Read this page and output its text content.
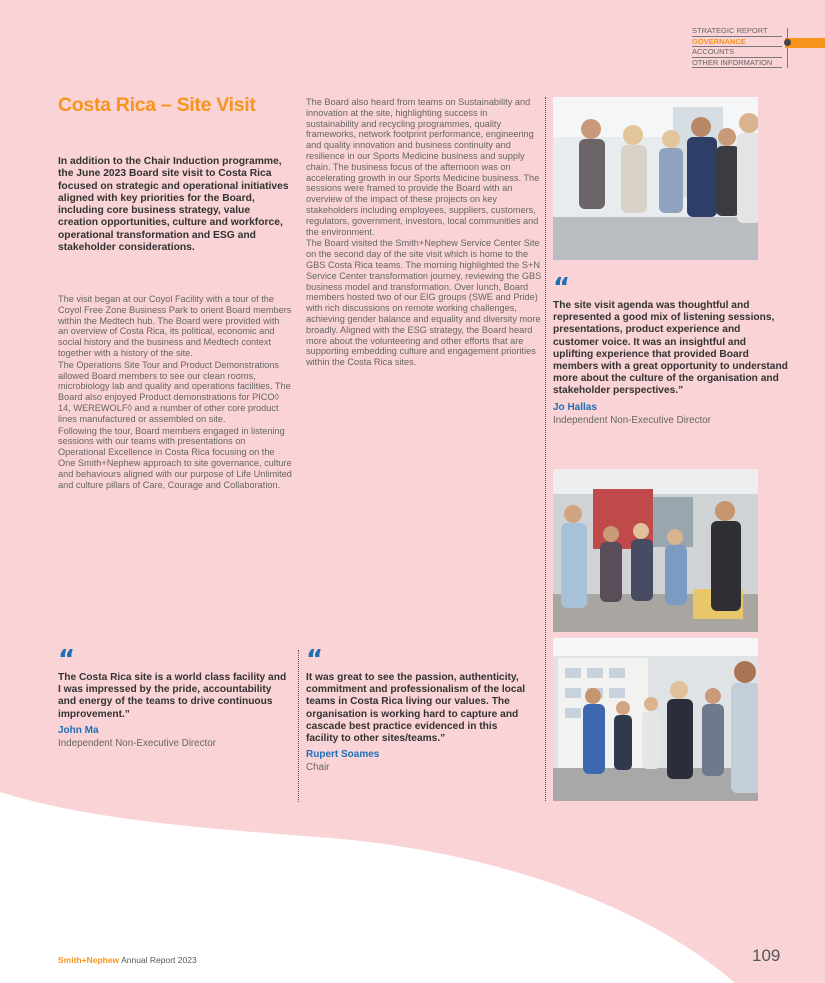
STRATEGIC REPORT
GOVERNANCE
ACCOUNTS
OTHER INFORMATION
Costa Rica – Site Visit

In addition to the Chair Induction programme, the June 2023 Board site visit to Costa Rica focused on strategic and operational initiatives aligned with key priorities for the Board, including core business strategy, value creation opportunities, culture and workforce, operational transformation and ESG and stakeholder considerations.

The visit began at our Coyol Facility with a tour of the Coyol Free Zone Business Park to orient Board members within the Medtech hub. The Board were provided with an overview of Costa Rica, its political, economic and social history and the business and Medtech context together with a history of the site.

The Operations Site Tour and Product Demonstrations allowed Board members to see our clean rooms, microbiology lab and quality and operations facilities. The Board also enjoyed Product demonstrations for PICO◊ 14, WEREWOLF◊ and a number of other core product lines manufactured or assembled on site.

Following the tour, Board members engaged in listening sessions with our teams with presentations on Operational Excellence in Costa Rica focusing on the One Smith+Nephew approach to site governance, culture and behaviours aligned with our purpose of Life Unlimited and culture pillars of Care, Courage and Collaboration.

The Board also heard from teams on Sustainability and innovation at the site, highlighting success in sustainability and recycling programmes, quality frameworks, network footprint performance, engineering and quality innovation and business continuity and resilience in our Sports Medicine business and supply chain. The business focus of the afternoon was on accelerating growth in our Sports Medicine business. The sessions were framed to provide the Board with an overview of the impact of these projects on key stakeholders including employees, suppliers, customers, regulators, government, investors, local communities and the environment.

The Board visited the Smith+Nephew Service Center Site on the second day of the site visit which is home to the GBS Costa Rica teams. The morning highlighted the S+N Service Center transformation journey, reviewing the GBS business model and transformation. Over lunch, Board members hosted two of our EIG groups (SWE and Pride) with rich discussions on remote working challenges, achieving gender balance and equality and diversity more broadly. Aligned with the ESG strategy, the Board heard more about the volunteering and other efforts that are supporting embedding culture and engagement priorities within the Costa Rica sites.

“
The Costa Rica site is a world class facility and I was impressed by the pride, accountability and energy of the teams to drive continuous improvement.”
John Ma
Independent Non-Executive Director
“
It was great to see the passion, authenticity, commitment and professionalism of the local teams in Costa Rica living our values. The organisation is working hard to capture and cascade best practice evidenced in this facility to other sites/teams.”
Rupert Soames
Chair
“
The site visit agenda was thoughtful and represented a good mix of listening sessions, presentations, product experience and customer voice. It was an insightful and uplifting experience that provided Board members with a great opportunity to understand more about the culture of the organisation and stakeholder perspectives.”
Jo Hallas
Independent Non-Executive Director
Smith+Nephew Annual Report 2023	109
